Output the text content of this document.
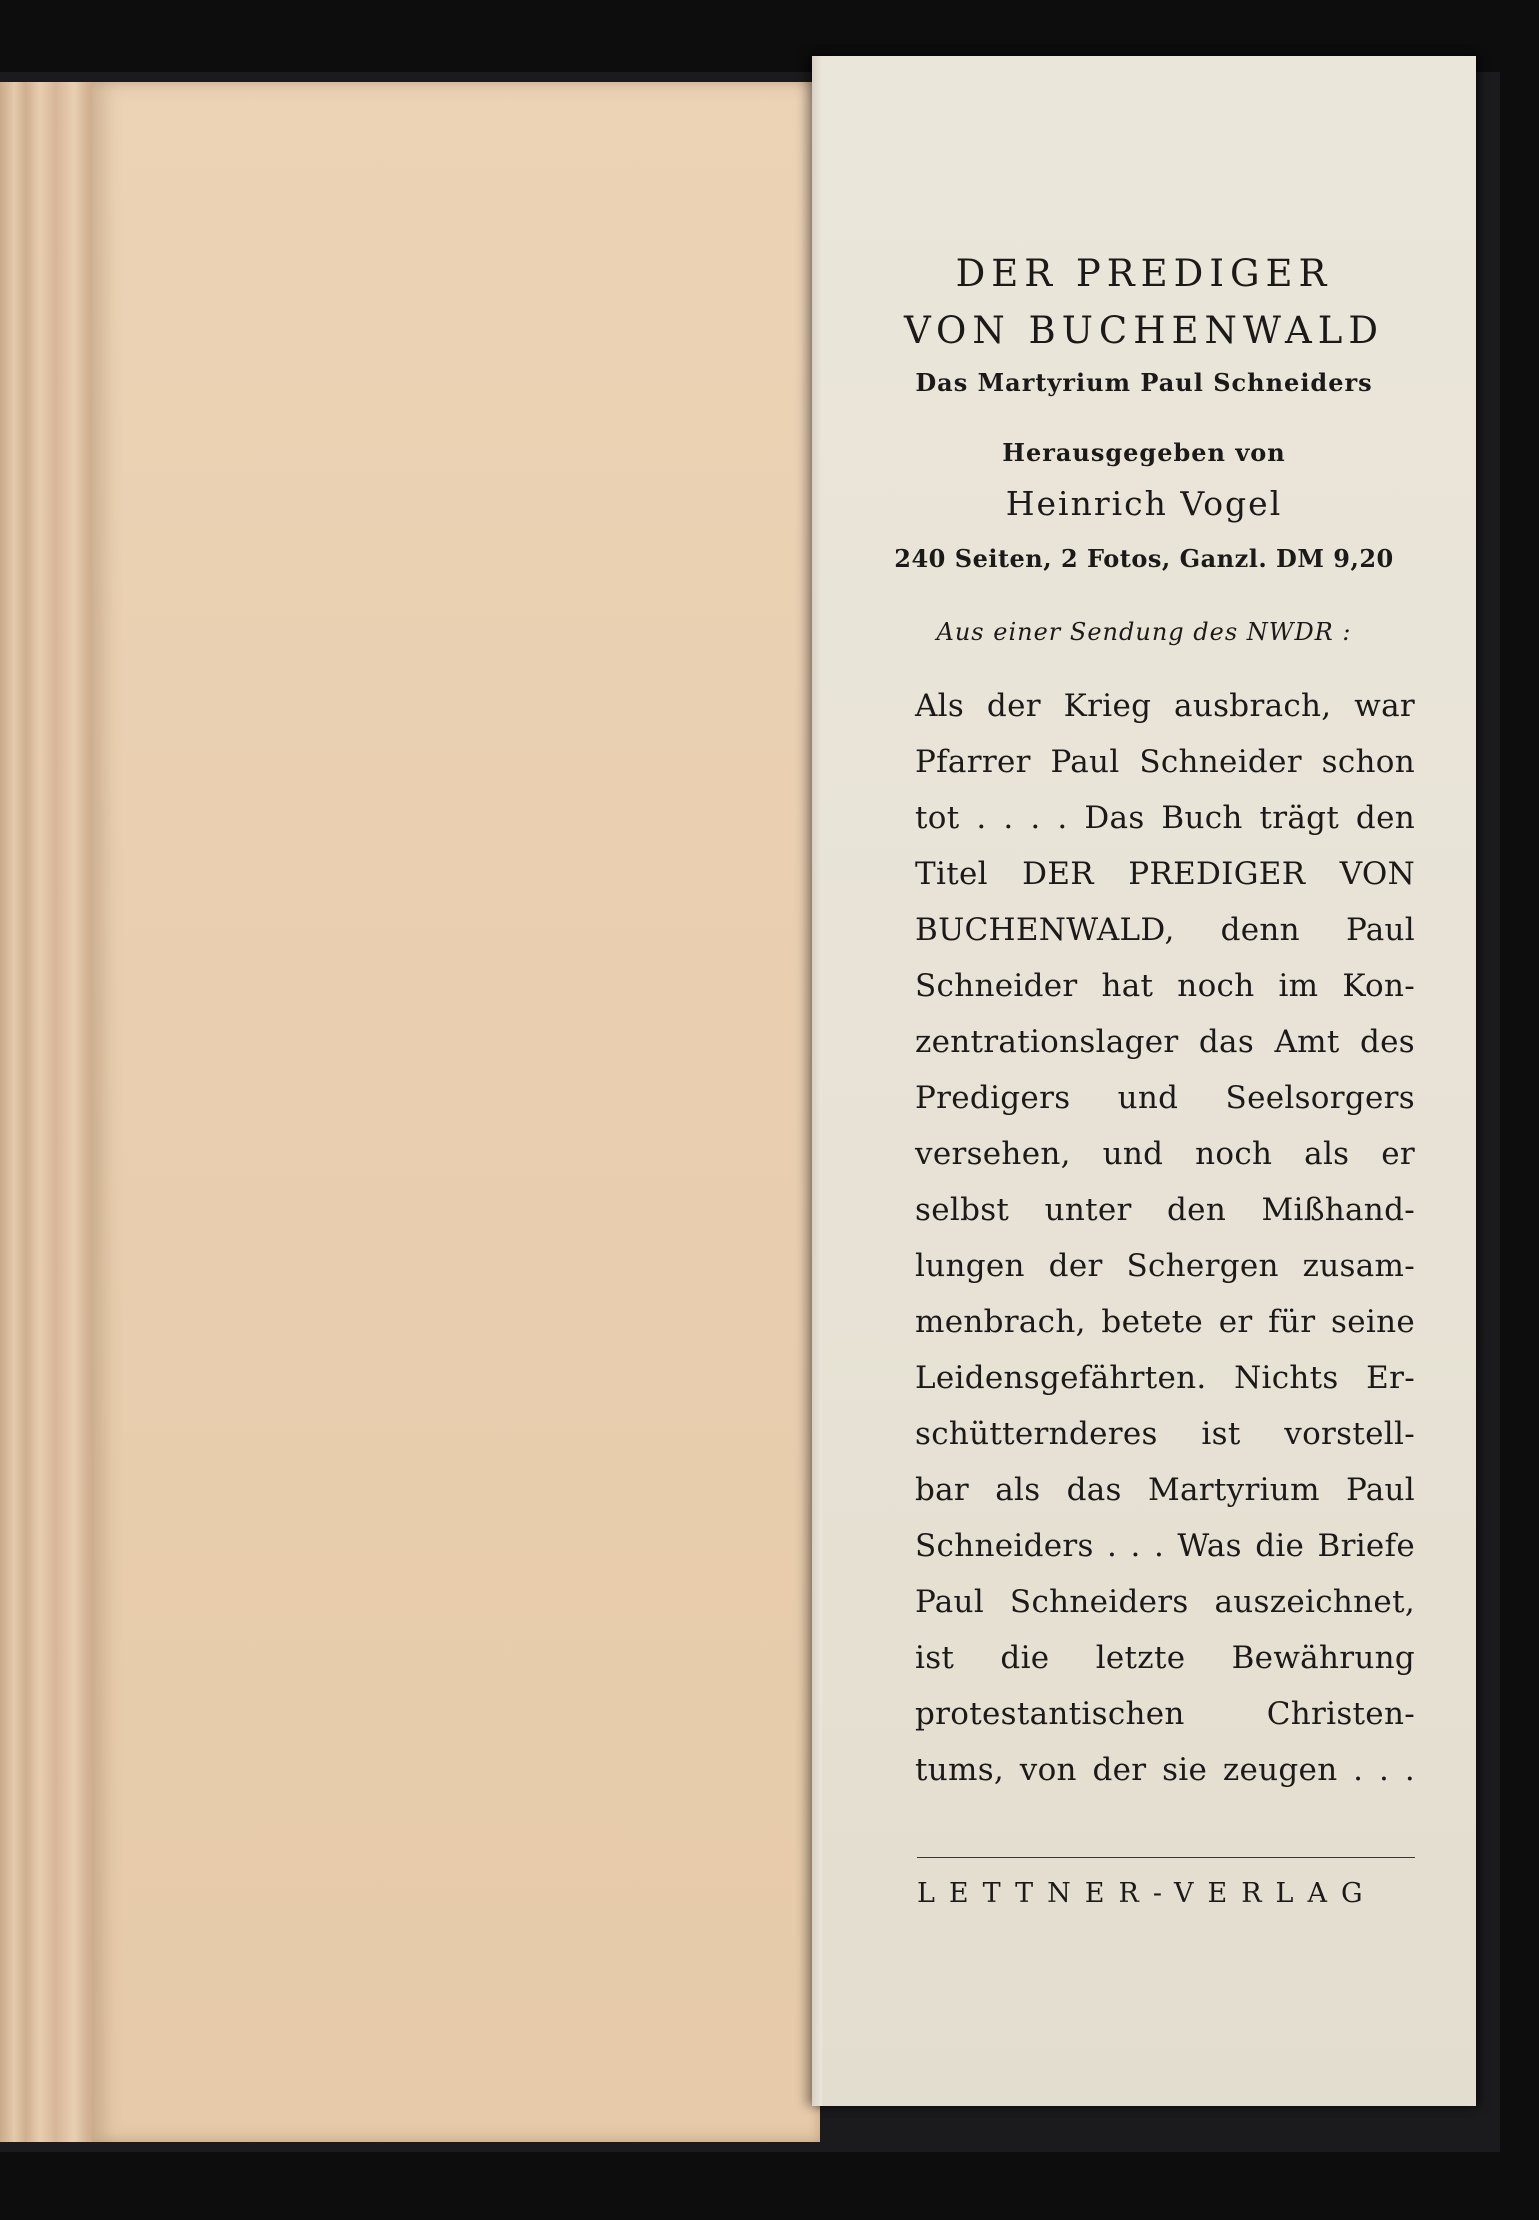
DER PREDIGER
VON BUCHENWALD
Das Martyrium Paul Schneiders
Herausgegeben von
Heinrich Vogel
240 Seiten, 2 Fotos, Ganzl. DM 9,20
Aus einer Sendung des NWDR :
Als der Krieg ausbrach, war
Pfarrer Paul Schneider schon
tot . . . . Das Buch trägt den
Titel DER PREDIGER VON
BUCHENWALD, denn Paul
Schneider hat noch im Kon-
zentrationslager das Amt des
Predigers und Seelsorgers
versehen, und noch als er
selbst unter den Mißhand-
lungen der Schergen zusam-
menbrach, betete er für seine
Leidensgefährten. Nichts Er-
schütternderes ist vorstell-
bar als das Martyrium Paul
Schneiders . . . Was die Briefe
Paul Schneiders auszeichnet,
ist die letzte Bewährung
protestantischen Christen-
tums, von der sie zeugen . . .
LETTNER-VERLAG
